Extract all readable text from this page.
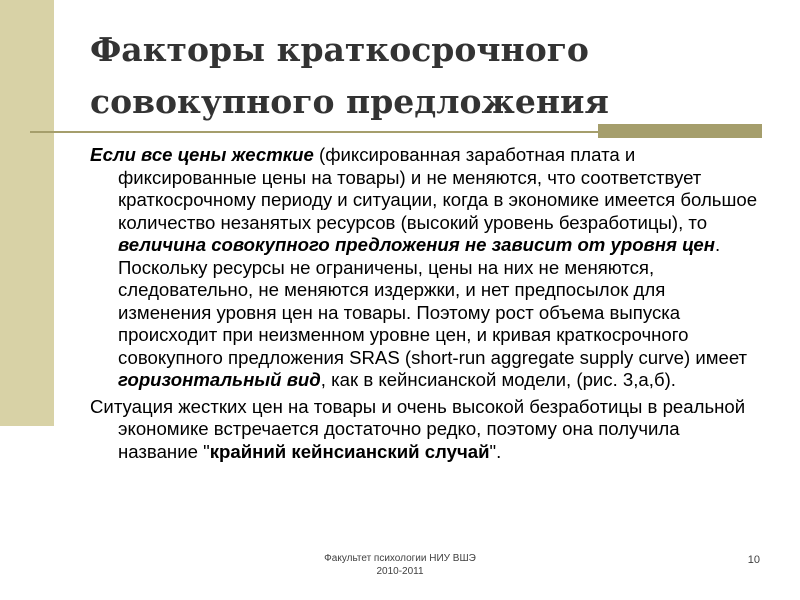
Факторы краткосрочного
совокупного предложения

Если все цены жесткие (фиксированная заработная плата и фиксированные цены на товары) и не меняются, что соответствует краткосрочному периоду и ситуации, когда в экономике имеется большое количество незанятых ресурсов (высокий уровень безработицы), то величина совокупного предложения не зависит от уровня цен. Поскольку ресурсы не ограничены, цены на них не меняются, следовательно, не меняются издержки, и нет предпосылок для изменения уровня цен на товары. Поэтому рост объема выпуска происходит при неизменном уровне цен, и кривая краткосрочного совокупного предложения SRAS (short-run aggregate supply curve) имеет горизонтальный вид, как в кейнсианской модели, (рис. 3,а,б).

Ситуация жестких цен на товары и очень высокой безработицы в реальной экономике встречается достаточно редко, поэтому она получила название "крайний кейнсианский случай".

Факультет психологии НИУ ВШЭ
2010-2011
10
